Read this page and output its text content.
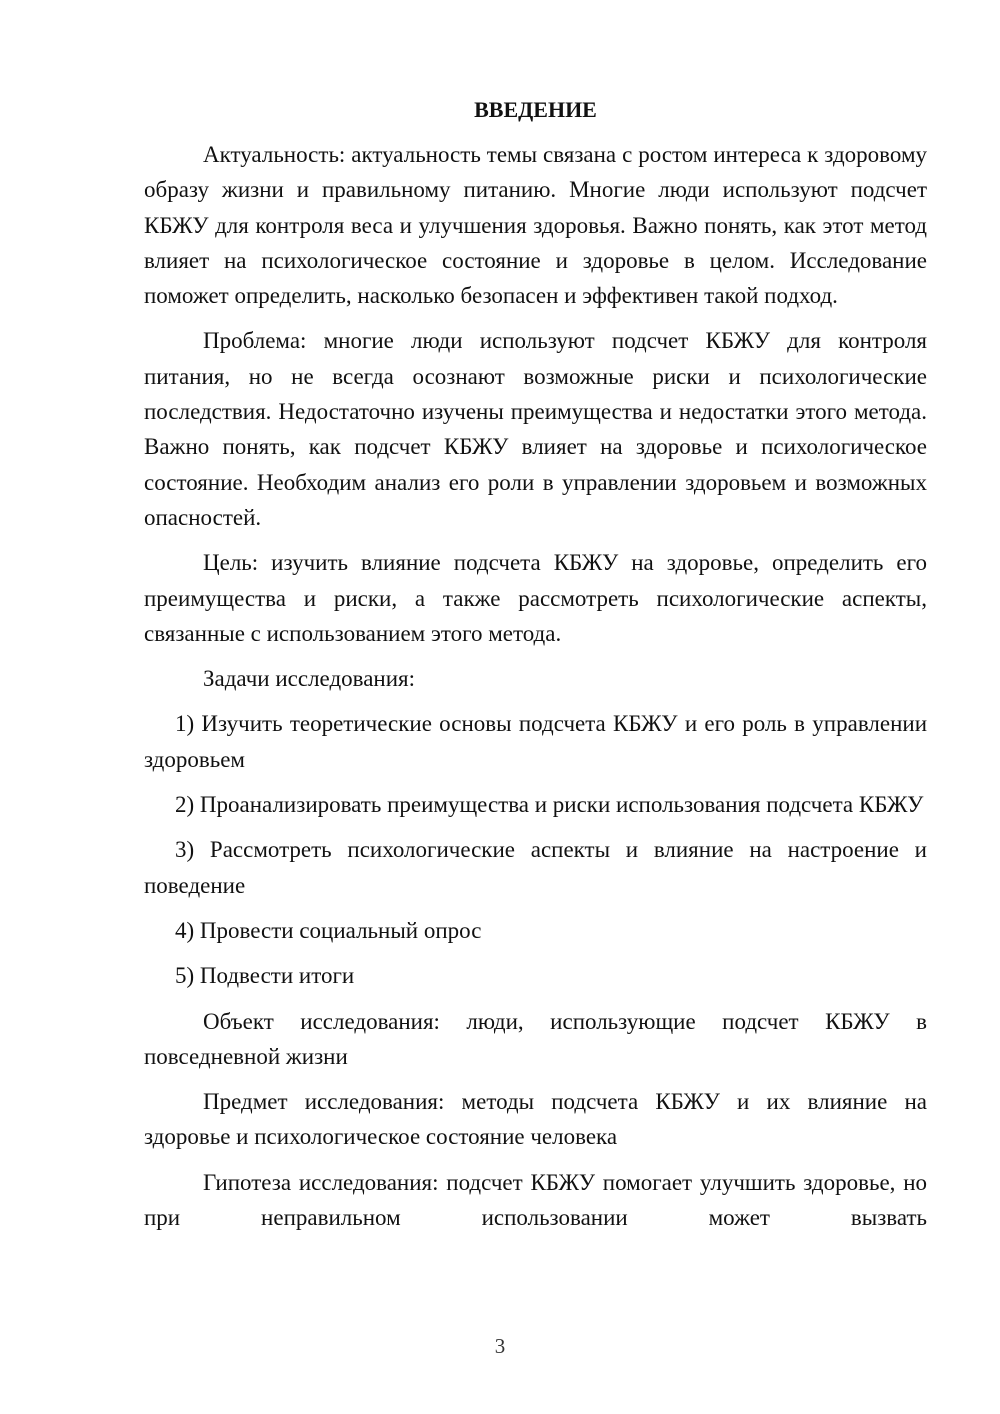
ВВЕДЕНИЕ

Актуальность: актуальность темы связана с ростом интереса к здоровому образу жизни и правильному питанию. Многие люди используют подсчет КБЖУ для контроля веса и улучшения здоровья. Важно понять, как этот метод влияет на психологическое состояние и здоровье в целом. Исследование поможет определить, насколько безопасен и эффективен такой подход.

Проблема: многие люди используют подсчет КБЖУ для контроля питания, но не всегда осознают возможные риски и психологические последствия. Недостаточно изучены преимущества и недостатки этого метода. Важно понять, как подсчет КБЖУ влияет на здоровье и психологическое состояние. Необходим анализ его роли в управлении здоровьем и возможных опасностей.

Цель: изучить влияние подсчета КБЖУ на здоровье, определить его преимущества и риски, а также рассмотреть психологические аспекты, связанные с использованием этого метода.

Задачи исследования:

1) Изучить теоретические основы подсчета КБЖУ и его роль в управлении здоровьем

2) Проанализировать преимущества и риски использования подсчета КБЖУ

3) Рассмотреть психологические аспекты и влияние на настроение и поведение

4) Провести социальный опрос

5) Подвести итоги

Объект исследования: люди, использующие подсчет КБЖУ в повседневной жизни

Предмет исследования: методы подсчета КБЖУ и их влияние на здоровье и психологическое состояние человека

Гипотеза исследования: подсчет КБЖУ помогает улучшить здоровье, но при неправильном использовании может вызвать

3
